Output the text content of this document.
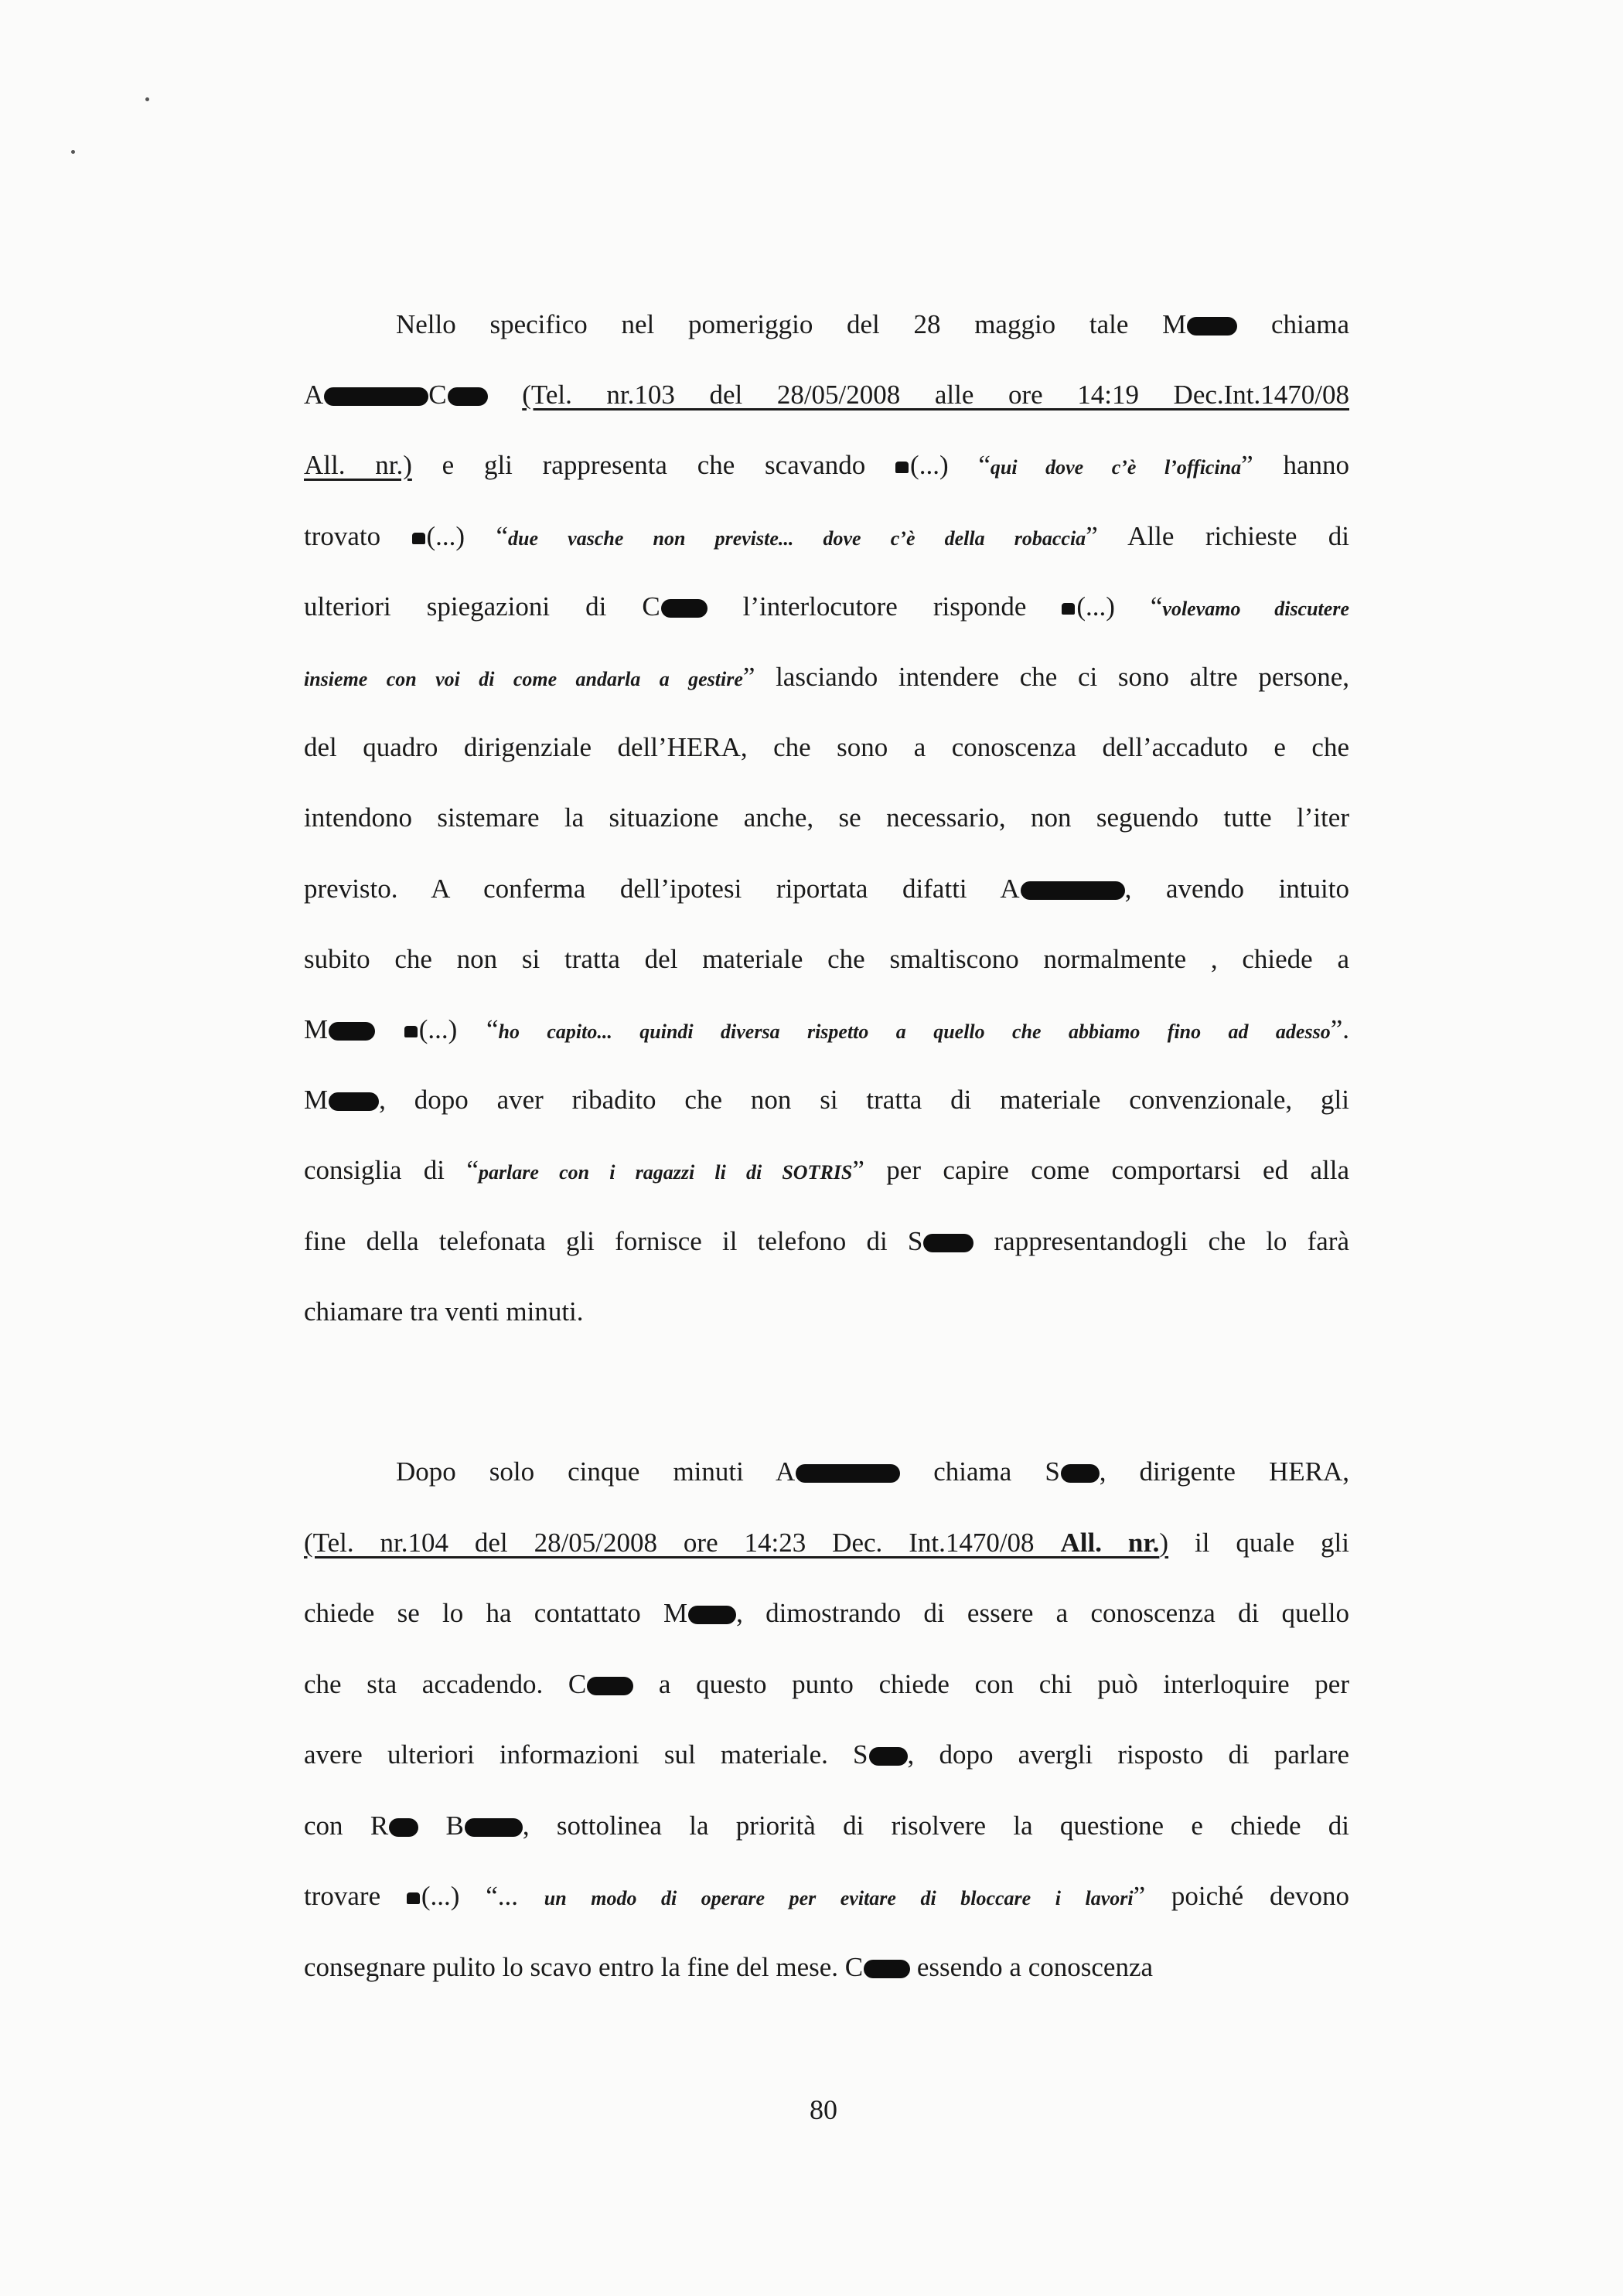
Nello specifico nel pomeriggio del 28 maggio tale M chiama
A	C	(Tel. nr.103 del 28/05/2008 alle ore 14:19 Dec.Int.1470/08
All. nr.) e gli rappresenta che scavando (...) “qui dove c’è l’officina” hanno
trovato (...) “due vasche non previste... dove c’è della robaccia” Alle richieste di
ulteriori spiegazioni di C l’interlocutore risponde (...) “volevamo discutere
insieme con voi di come andarla a gestire” lasciando intendere che ci sono altre persone,
del quadro dirigenziale dell’HERA, che sono a conoscenza dell’accaduto e che
intendono sistemare la situazione anche, se necessario, non seguendo tutte l’iter
previsto. A conferma dell’ipotesi riportata difatti A	, avendo intuito
subito che non si tratta del materiale che smaltiscono normalmente , chiede a
M	(...) “ho capito... quindi diversa rispetto a quello che abbiamo fino ad adesso”.
M , dopo aver ribadito che non si tratta di materiale convenzionale, gli
consiglia di “parlare con i ragazzi li di SOTRIS” per capire come comportarsi ed alla
fine della telefonata gli fornisce il telefono di S rappresentandogli che lo farà
chiamare tra venti minuti.
Dopo solo cinque minuti A	chiama S , dirigente HERA,
(Tel. nr.104 del 28/05/2008 ore 14:23 Dec. Int.1470/08 All. nr.) il quale gli
chiede se lo ha contattato M , dimostrando di essere a conoscenza di quello
che sta accadendo. C a questo punto chiede con chi può interloquire per
avere ulteriori informazioni sul materiale. S , dopo avergli risposto di parlare
con R B , sottolinea la priorità di risolvere la questione e chiede di
trovare (...) “... un modo di operare per evitare di bloccare i lavori” poiché devono
consegnare pulito lo scavo entro la fine del mese. C essendo a conoscenza
80
